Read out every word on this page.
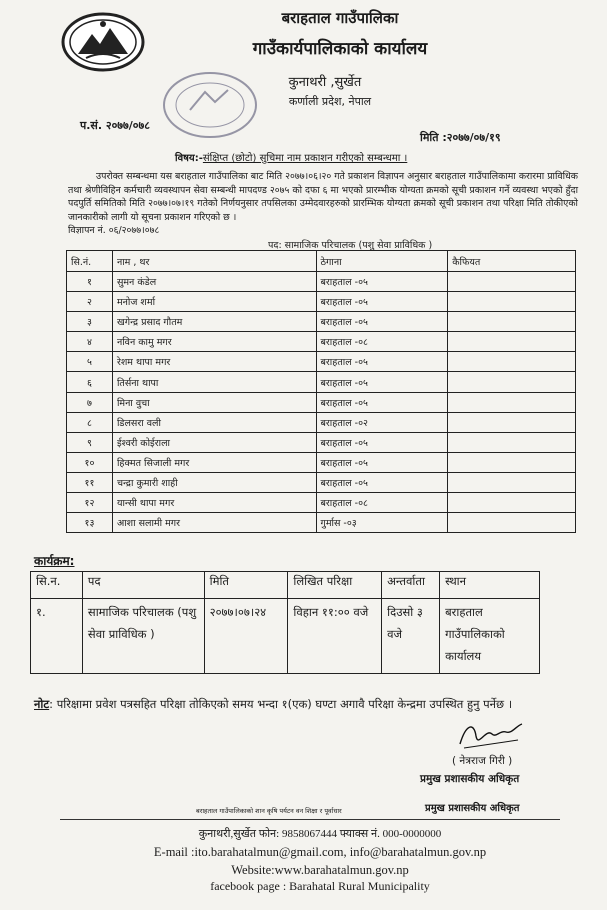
बराहताल गाउँपालिका
गाउँकार्यपालिकाको कार्यालय
कुनाथरी ,सुर्खेत
कर्णाली प्रदेश, नेपाल
प.सं. २०७७/०७८
मिति :२०७७/०७/१९
विषय:-संक्षिप्त (छोटो) सुचिमा नाम प्रकाशन गरीएको सम्बन्धमा ।
उपरोक्त सम्बन्धमा यस बराहताल गाउँपालिका बाट मिति २०७७।०६।२० गते प्रकाशन विज्ञापन अनुसार बराहताल गाउँपालिकामा करारमा प्राविधिक तथा श्रेणीविहिन कर्मचारी व्यवस्थापन सेवा सम्बन्धी मापदण्ड २०७५ को दफा ६ मा भएको प्रारम्भीक योग्यता क्रमको सूची प्रकाशन गर्ने व्यवस्था भएको हुँदा पदपुर्ति समितिको मिति २०७७।०७।१९ गतेको निर्णयनुसार तपसिलका उम्मेदवारहरुको प्रारम्भिक योग्यता क्रमको सूची प्रकाशन तथा परिक्षा मिति तोकीएको जानकारीको लागी यो सूचना प्रकाशन गरिएको छ ।
विज्ञापन नं. ०६/२०७७।०७८
पद: सामाजिक परिचालक (पशु सेवा प्राविधिक )
सि.नं.	नाम , थर	ठेगाना	कैफियत
१	सुमन कंडेल	बराहताल -०५	
२	मनोज शर्मा	बराहताल -०५	
३	खगेन्द्र प्रसाद गौतम	बराहताल -०५	
४	नविन कामु मगर	बराहताल -०८	
५	रेशम थापा मगर	बराहताल -०५	
६	तिर्सना थापा	बराहताल -०५	
७	मिना वुचा	बराहताल -०५	
८	डिलसरा वली	बराहताल -०२	
९	ईश्वरी कोईराला	बराहताल -०५	
१०	हिक्मत सिजाली मगर	बराहताल -०५	
११	चन्द्रा कुमारी शाही	बराहताल -०५	
१२	यान्सी थापा मगर	बराहताल -०८	
१३	आशा सलामी मगर	गुर्मास -०३	
कार्यक्रम:
सि.न.	पद	मिति	लिखित परिक्षा	अन्तर्वाता	स्थान
१.	सामाजिक परिचालक (पशु सेवा प्राविधिक )	२०७७।०७।२४	विहान ११:०० वजे	दिउसो ३ वजे	बराहताल गाउँपालिकाको कार्यालय
नोट: परिक्षामा प्रवेश पत्रसहित परिक्षा तोकिएको समय भन्दा १(एक) घण्टा अगावै परिक्षा केन्द्रमा उपस्थित हुनु पर्नेछ ।
( नेत्रराज गिरी )
प्रमुख प्रशासकीय अधिकृत
बराहताल गाउँपालिकाको शान कृषि पर्यटन वन शिक्षा र पूर्वाधार	प्रमुख प्रशासकीय अधिकृत
कुनाथरी,सुर्खेत फोन: 9858067444 फ्याक्स नं. 000-0000000
E-mail :ito.barahatalmun@gmail.com, info@barahatalmun.gov.np
Website:www.barahatalmun.gov.np
facebook page : Barahatal Rural Municipality
